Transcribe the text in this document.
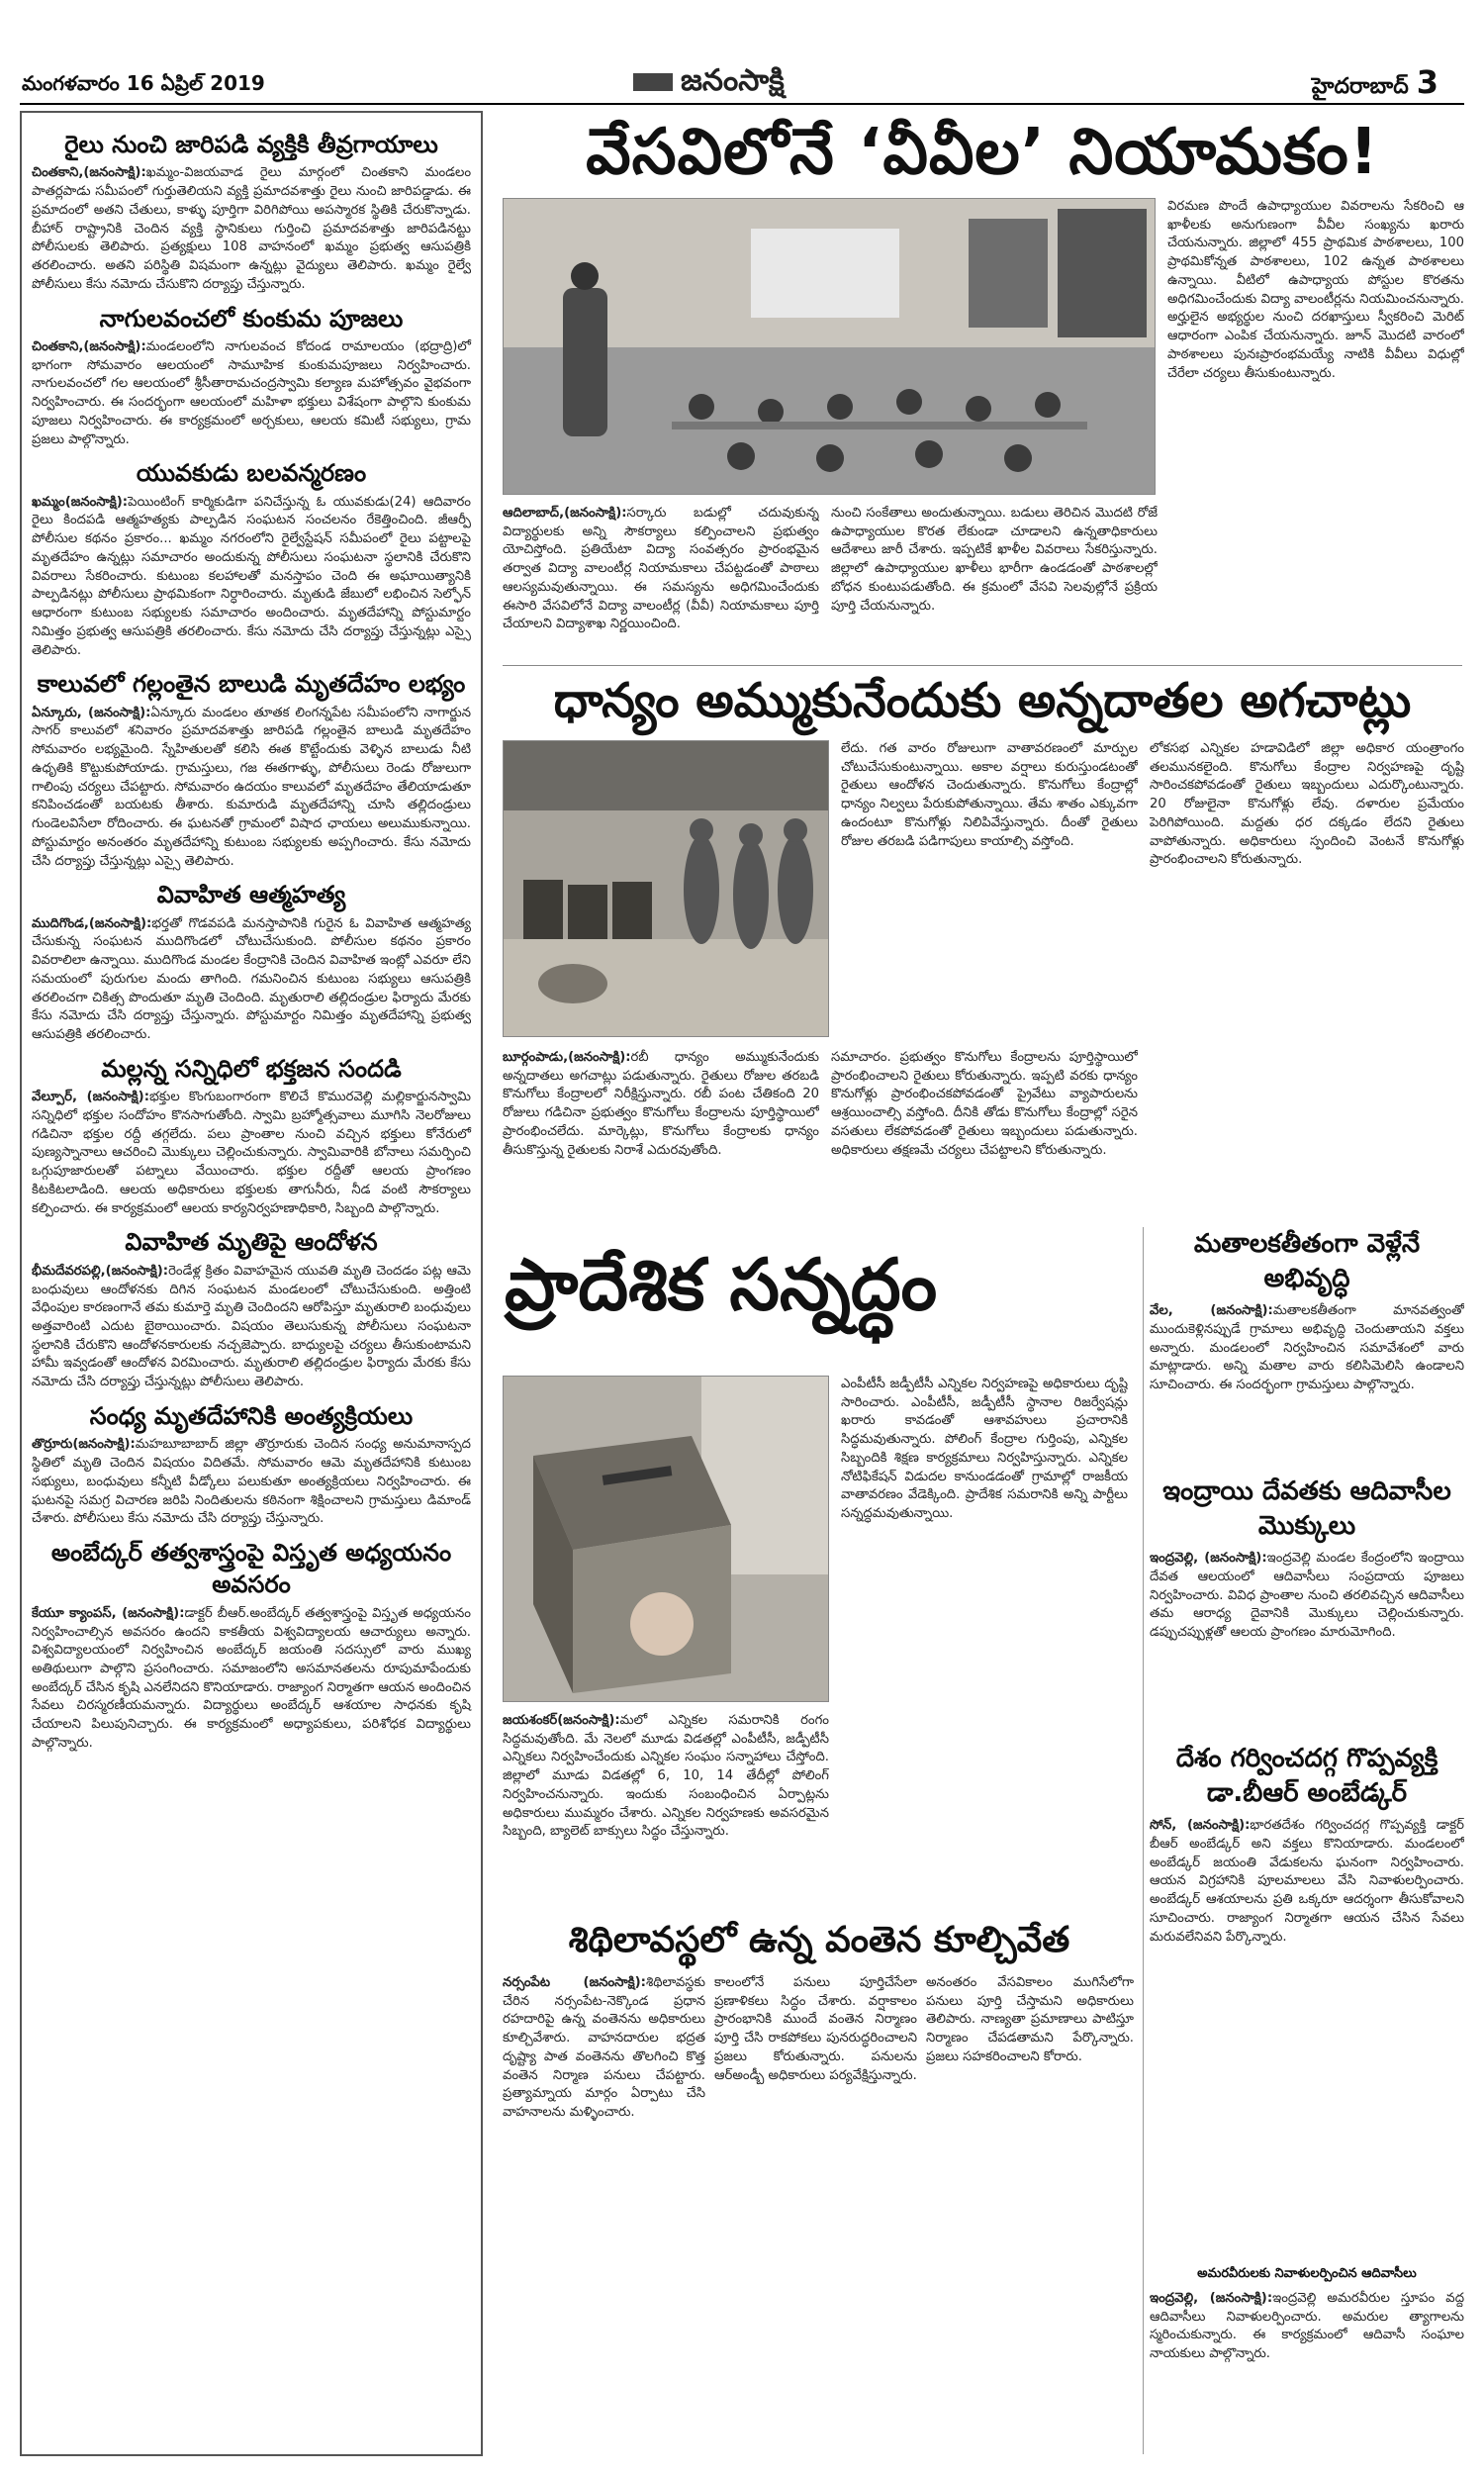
మంగళవారం 16 ఏప్రిల్ 2019	జనంసాక్షి	హైదరాబాద్ 3
రైలు నుంచి జారిపడి వ్యక్తికి తీవ్రగాయాలు
చింతకాని,(జనంసాక్షి):ఖమ్మం-విజయవాడ రైలు మార్గంలో చింతకాని మండలం పాతర్లపాడు సమీపంలో గుర్తుతెలియని వ్యక్తి ప్రమాదవశాత్తు రైలు నుంచి జారిపడ్డాడు. ఈ ప్రమాదంలో అతని చేతులు, కాళ్ళు పూర్తిగా విరిగిపోయి అపస్మారక స్థితికి చేరుకొన్నాడు. బీహార్ రాష్ట్రానికి చెందిన వ్యక్తి స్థానికులు గుర్తించి ప్రమాదవశాత్తు జారిపడినట్టు పోలీసులకు తెలిపారు. ప్రత్యక్షులు 108 వాహనంలో ఖమ్మం ప్రభుత్వ ఆసుపత్రికి తరలించారు. అతని పరిస్థితి విషమంగా ఉన్నట్లు వైద్యులు తెలిపారు. ఖమ్మం రైల్వే పోలీసులు కేసు నమోదు చేసుకొని దర్యాప్తు చేస్తున్నారు.
నాగులవంచలో కుంకుమ పూజలు
చింతకాని,(జనంసాక్షి):మండలంలోని నాగులవంచ కోదండ రామాలయం (భద్రాద్రి)లో భాగంగా సోమవారం ఆలయంలో సామూహిక కుంకుమపూజలు నిర్వహించారు. నాగులవంచలో గల ఆలయంలో శ్రీసీతారామచంద్రస్వామి కల్యాణ మహోత్సవం వైభవంగా నిర్వహించారు. ఈ సందర్భంగా ఆలయంలో మహిళా భక్తులు విశేషంగా పాల్గొని కుంకుమ పూజలు నిర్వహించారు. ఈ కార్యక్రమంలో అర్చకులు, ఆలయ కమిటీ సభ్యులు, గ్రామ ప్రజలు పాల్గొన్నారు.
యువకుడు బలవన్మరణం
ఖమ్మం(జనంసాక్షి):పెయింటింగ్ కార్మికుడిగా పనిచేస్తున్న ఓ యువకుడు(24) ఆదివారం రైలు కిందపడి ఆత్మహత్యకు పాల్పడిన సంఘటన సంచలనం రేకెత్తించింది. జీఆర్పీ పోలీసుల కథనం ప్రకారం... ఖమ్మం నగరంలోని రైల్వేస్టేషన్ సమీపంలో రైలు పట్టాలపై మృతదేహం ఉన్నట్లు సమాచారం అందుకున్న పోలీసులు సంఘటనా స్థలానికి చేరుకొని వివరాలు సేకరించారు. కుటుంబ కలహాలతో మనస్తాపం చెంది ఈ అఘాయిత్యానికి పాల్పడినట్లు పోలీసులు ప్రాథమికంగా నిర్ధారించారు. మృతుడి జేబులో లభించిన సెల్ఫోన్ ఆధారంగా కుటుంబ సభ్యులకు సమాచారం అందించారు. మృతదేహాన్ని పోస్టుమార్టం నిమిత్తం ప్రభుత్వ ఆసుపత్రికి తరలించారు. కేసు నమోదు చేసి దర్యాప్తు చేస్తున్నట్లు ఎస్సై తెలిపారు.
కాలువలో గల్లంతైన బాలుడి మృతదేహం లభ్యం
ఏన్కూరు, (జనంసాక్షి):ఏన్కూరు మండలం తూతక లింగన్నపేట సమీపంలోని నాగార్జున సాగర్ కాలువలో శనివారం ప్రమాదవశాత్తు జారిపడి గల్లంతైన బాలుడి మృతదేహం సోమవారం లభ్యమైంది. స్నేహితులతో కలిసి ఈత కొట్టేందుకు వెళ్ళిన బాలుడు నీటి ఉధృతికి కొట్టుకుపోయాడు. గ్రామస్తులు, గజ ఈతగాళ్ళు, పోలీసులు రెండు రోజులుగా గాలింపు చర్యలు చేపట్టారు. సోమవారం ఉదయం కాలువలో మృతదేహం తేలియాడుతూ కనిపించడంతో బయటకు తీశారు. కుమారుడి మృతదేహాన్ని చూసి తల్లిదండ్రులు గుండెలవిసేలా రోదించారు. ఈ ఘటనతో గ్రామంలో విషాద ఛాయలు అలుముకున్నాయి. పోస్టుమార్టం అనంతరం మృతదేహాన్ని కుటుంబ సభ్యులకు అప్పగించారు. కేసు నమోదు చేసి దర్యాప్తు చేస్తున్నట్లు ఎస్సై తెలిపారు.
వివాహిత ఆత్మహత్య
ముదిగొండ,(జనంసాక్షి):భర్తతో గొడవపడి మనస్తాపానికి గురైన ఓ వివాహిత ఆత్మహత్య చేసుకున్న సంఘటన ముదిగొండలో చోటుచేసుకుంది. పోలీసుల కథనం ప్రకారం వివరాలిలా ఉన్నాయి. ముదిగొండ మండల కేంద్రానికి చెందిన వివాహిత ఇంట్లో ఎవరూ లేని సమయంలో పురుగుల మందు తాగింది. గమనించిన కుటుంబ సభ్యులు ఆసుపత్రికి తరలించగా చికిత్స పొందుతూ మృతి చెందింది. మృతురాలి తల్లిదండ్రుల ఫిర్యాదు మేరకు కేసు నమోదు చేసి దర్యాప్తు చేస్తున్నారు. పోస్టుమార్టం నిమిత్తం మృతదేహాన్ని ప్రభుత్వ ఆసుపత్రికి తరలించారు.
మల్లన్న సన్నిధిలో భక్తజన సందడి
వేల్పూర్, (జనంసాక్షి):భక్తుల కొంగుబంగారంగా కొలిచే కొమురవెల్లి మల్లికార్జునస్వామి సన్నిధిలో భక్తుల సందోహం కొనసాగుతోంది. స్వామి బ్రహ్మోత్సవాలు మూగిసి నెలరోజులు గడిచినా భక్తుల రద్దీ తగ్గలేదు. పలు ప్రాంతాల నుంచి వచ్చిన భక్తులు కోనేరులో పుణ్యస్నానాలు ఆచరించి మొక్కులు చెల్లించుకున్నారు. స్వామివారికి బోనాలు సమర్పించి ఒగ్గుపూజారులతో పట్నాలు వేయించారు. భక్తుల రద్దీతో ఆలయ ప్రాంగణం కిటకిటలాడింది. ఆలయ అధికారులు భక్తులకు తాగునీరు, నీడ వంటి సౌకర్యాలు కల్పించారు. ఈ కార్యక్రమంలో ఆలయ కార్యనిర్వహణాధికారి, సిబ్బంది పాల్గొన్నారు.
వివాహిత మృతిపై ఆందోళన
భీమదేవరపల్లి,(జనంసాక్షి):రెండేళ్ల క్రితం వివాహమైన యువతి మృతి చెందడం పట్ల ఆమె బంధువులు ఆందోళనకు దిగిన సంఘటన మండలంలో చోటుచేసుకుంది. అత్తింటి వేధింపుల కారణంగానే తమ కుమార్తె మృతి చెందిందని ఆరోపిస్తూ మృతురాలి బంధువులు అత్తవారింటి ఎదుట బైఠాయించారు. విషయం తెలుసుకున్న పోలీసులు సంఘటనా స్థలానికి చేరుకొని ఆందోళనకారులకు నచ్చజెప్పారు. బాధ్యులపై చర్యలు తీసుకుంటామని హామీ ఇవ్వడంతో ఆందోళన విరమించారు. మృతురాలి తల్లిదండ్రుల ఫిర్యాదు మేరకు కేసు నమోదు చేసి దర్యాప్తు చేస్తున్నట్లు పోలీసులు తెలిపారు.
సంధ్య మృతదేహానికి అంత్యక్రియలు
తొర్రూరు(జనంసాక్షి):మహబూబాబాద్ జిల్లా తొర్రూరుకు చెందిన సంధ్య అనుమానాస్పద స్థితిలో మృతి చెందిన విషయం విదితమే. సోమవారం ఆమె మృతదేహానికి కుటుంబ సభ్యులు, బంధువులు కన్నీటి వీడ్కోలు పలుకుతూ అంత్యక్రియలు నిర్వహించారు. ఈ ఘటనపై సమగ్ర విచారణ జరిపి నిందితులను కఠినంగా శిక్షించాలని గ్రామస్తులు డిమాండ్ చేశారు. పోలీసులు కేసు నమోదు చేసి దర్యాప్తు చేస్తున్నారు.
అంబేద్కర్ తత్వశాస్త్రంపై విస్తృత అధ్యయనం అవసరం
కేయూ క్యాంపస్, (జనంసాక్షి):డాక్టర్ బీఆర్.అంబేద్కర్ తత్వశాస్త్రంపై విస్తృత అధ్యయనం నిర్వహించాల్సిన అవసరం ఉందని కాకతీయ విశ్వవిద్యాలయ ఆచార్యులు అన్నారు. విశ్వవిద్యాలయంలో నిర్వహించిన అంబేద్కర్ జయంతి సదస్సులో వారు ముఖ్య అతిథులుగా పాల్గొని ప్రసంగించారు. సమాజంలోని అసమానతలను రూపుమాపేందుకు అంబేద్కర్ చేసిన కృషి ఎనలేనిదని కొనియాడారు. రాజ్యాంగ నిర్మాతగా ఆయన అందించిన సేవలు చిరస్మరణీయమన్నారు. విద్యార్థులు అంబేద్కర్ ఆశయాల సాధనకు కృషి చేయాలని పిలుపునిచ్చారు. ఈ కార్యక్రమంలో అధ్యాపకులు, పరిశోధక విద్యార్థులు పాల్గొన్నారు.
వేసవిలోనే ‘వీవీల’ నియామకం!
విరమణ పొందే ఉపాధ్యాయుల వివరాలను సేకరించి ఆ ఖాళీలకు అనుగుణంగా వీవీల సంఖ్యను ఖరారు చేయనున్నారు. జిల్లాలో 455 ప్రాథమిక పాఠశాలలు, 100 ప్రాథమికోన్నత పాఠశాలలు, 102 ఉన్నత పాఠశాలలు ఉన్నాయి. వీటిలో ఉపాధ్యాయ పోస్టుల కొరతను అధిగమించేందుకు విద్యా వాలంటీర్లను నియమించనున్నారు. అర్హులైన అభ్యర్థుల నుంచి దరఖాస్తులు స్వీకరించి మెరిట్ ఆధారంగా ఎంపిక చేయనున్నారు. జూన్ మొదటి వారంలో పాఠశాలలు పునఃప్రారంభమయ్యే నాటికి వీవీలు విధుల్లో చేరేలా చర్యలు తీసుకుంటున్నారు.
ఆదిలాబాద్,(జనంసాక్షి):సర్కారు బడుల్లో చదువుకున్న విద్యార్థులకు అన్ని సౌకర్యాలు కల్పించాలని ప్రభుత్వం యోచిస్తోంది. ప్రతియేటా విద్యా సంవత్సరం ప్రారంభమైన తర్వాత విద్యా వాలంటీర్ల నియామకాలు చేపట్టడంతో పాఠాలు ఆలస్యమవుతున్నాయి. ఈ సమస్యను అధిగమించేందుకు ఈసారి వేసవిలోనే విద్యా వాలంటీర్ల (వీవీ) నియామకాలు పూర్తి చేయాలని విద్యాశాఖ నిర్ణయించింది.
నుంచి సంకేతాలు అందుతున్నాయి. బడులు తెరిచిన మొదటి రోజే ఉపాధ్యాయుల కొరత లేకుండా చూడాలని ఉన్నతాధికారులు ఆదేశాలు జారీ చేశారు. ఇప్పటికే ఖాళీల వివరాలు సేకరిస్తున్నారు. జిల్లాలో ఉపాధ్యాయుల ఖాళీలు భారీగా ఉండడంతో పాఠశాలల్లో బోధన కుంటుపడుతోంది. ఈ క్రమంలో వేసవి సెలవుల్లోనే ప్రక్రియ పూర్తి చేయనున్నారు.
ధాన్యం అమ్ముకునేందుకు అన్నదాతల అగచాట్లు
లేదు. గత వారం రోజులుగా వాతావరణంలో మార్పుల చోటుచేసుకుంటున్నాయి. అకాల వర్షాలు కురుస్తుండటంతో రైతులు ఆందోళన చెందుతున్నారు. కొనుగోలు కేంద్రాల్లో ధాన్యం నిల్వలు పేరుకుపోతున్నాయి. తేమ శాతం ఎక్కువగా ఉందంటూ కొనుగోళ్లు నిలిపివేస్తున్నారు. దీంతో రైతులు రోజుల తరబడి పడిగాపులు కాయాల్సి వస్తోంది.
లోకసభ ఎన్నికల హడావిడిలో జిల్లా అధికార యంత్రాంగం తలమునకలైంది. కొనుగోలు కేంద్రాల నిర్వహణపై దృష్టి సారించకపోవడంతో రైతులు ఇబ్బందులు ఎదుర్కొంటున్నారు. 20 రోజులైనా కొనుగోళ్లు లేవు. దళారుల ప్రమేయం పెరిగిపోయింది. మద్దతు ధర దక్కడం లేదని రైతులు వాపోతున్నారు. అధికారులు స్పందించి వెంటనే కొనుగోళ్లు ప్రారంభించాలని కోరుతున్నారు.
బూర్గంపాడు,(జనంసాక్షి):రబీ ధాన్యం అమ్ముకునేందుకు అన్నదాతలు అగచాట్లు పడుతున్నారు. రైతులు రోజుల తరబడి కొనుగోలు కేంద్రాలలో నిరీక్షిస్తున్నారు. రబీ పంట చేతికంది 20 రోజులు గడిచినా ప్రభుత్వం కొనుగోలు కేంద్రాలను పూర్తిస్థాయిలో ప్రారంభించలేదు. మార్కెట్లు, కొనుగోలు కేంద్రాలకు ధాన్యం తీసుకొస్తున్న రైతులకు నిరాశే ఎదురవుతోంది.
సమాచారం. ప్రభుత్వం కొనుగోలు కేంద్రాలను పూర్తిస్థాయిలో ప్రారంభించాలని రైతులు కోరుతున్నారు. ఇప్పటి వరకు ధాన్యం కొనుగోళ్లు ప్రారంభించకపోవడంతో ప్రైవేటు వ్యాపారులను ఆశ్రయించాల్సి వస్తోంది. దీనికి తోడు కొనుగోలు కేంద్రాల్లో సరైన వసతులు లేకపోవడంతో రైతులు ఇబ్బందులు పడుతున్నారు. అధికారులు తక్షణమే చర్యలు చేపట్టాలని కోరుతున్నారు.
ప్రాదేశిక సన్నద్ధం
జయశంకర్(జనంసాక్షి):మలో ఎన్నికల సమరానికి రంగం సిద్ధమవుతోంది. మే నెలలో మూడు విడతల్లో ఎంపీటీసీ, జడ్పీటీసీ ఎన్నికలు నిర్వహించేందుకు ఎన్నికల సంఘం సన్నాహాలు చేస్తోంది. జిల్లాలో మూడు విడతల్లో 6, 10, 14 తేదీల్లో పోలింగ్ నిర్వహించనున్నారు. ఇందుకు సంబంధించిన ఏర్పాట్లను అధికారులు ముమ్మరం చేశారు. ఎన్నికల నిర్వహణకు అవసరమైన సిబ్బంది, బ్యాలెట్ బాక్సులు సిద్ధం చేస్తున్నారు.
ఎంపీటీసీ జడ్పీటీసీ ఎన్నికల నిర్వహణపై అధికారులు దృష్టి సారించారు. ఎంపీటీసీ, జడ్పీటీసీ స్థానాల రిజర్వేషన్లు ఖరారు కావడంతో ఆశావహులు ప్రచారానికి సిద్ధమవుతున్నారు. పోలింగ్ కేంద్రాల గుర్తింపు, ఎన్నికల సిబ్బందికి శిక్షణ కార్యక్రమాలు నిర్వహిస్తున్నారు. ఎన్నికల నోటిఫికేషన్ విడుదల కానుండడంతో గ్రామాల్లో రాజకీయ వాతావరణం వేడెక్కింది. ప్రాదేశిక సమరానికి అన్ని పార్టీలు సన్నద్ధమవుతున్నాయి.
శిథిలావస్థలో ఉన్న వంతెన కూల్చివేత
నర్సంపేట (జనంసాక్షి):శిథిలావస్థకు చేరిన నర్సంపేట-నెక్కొండ ప్రధాన రహదారిపై ఉన్న వంతెనను అధికారులు కూల్చివేశారు. వాహనదారుల భద్రత దృష్ట్యా పాత వంతెనను తొలగించి కొత్త వంతెన నిర్మాణ పనులు చేపట్టారు. ప్రత్యామ్నాయ మార్గం ఏర్పాటు చేసి వాహనాలను మళ్ళించారు.
కాలంలోనే పనులు పూర్తిచేసేలా ప్రణాళికలు సిద్ధం చేశారు. వర్షాకాలం ప్రారంభానికి ముందే వంతెన నిర్మాణం పూర్తి చేసి రాకపోకలు పునరుద్ధరించాలని ప్రజలు కోరుతున్నారు. పనులను ఆర్అండ్బీ అధికారులు పర్యవేక్షిస్తున్నారు.
అనంతరం వేసవికాలం ముగిసేలోగా పనులు పూర్తి చేస్తామని అధికారులు తెలిపారు. నాణ్యతా ప్రమాణాలు పాటిస్తూ నిర్మాణం చేపడతామని పేర్కొన్నారు. ప్రజలు సహకరించాలని కోరారు.
మతాలకతీతంగా వెళ్లేనే అభివృద్ధి
వేల, (జనంసాక్షి):మతాలకతీతంగా మానవత్వంతో ముందుకెళ్లినప్పుడే గ్రామాలు అభివృద్ధి చెందుతాయని వక్తలు అన్నారు. మండలంలో నిర్వహించిన సమావేశంలో వారు మాట్లాడారు. అన్ని మతాల వారు కలిసిమెలిసి ఉండాలని సూచించారు. ఈ సందర్భంగా గ్రామస్తులు పాల్గొన్నారు.
ఇంద్రాయి దేవతకు ఆదివాసీల మొక్కులు
ఇంద్రవెల్లి, (జనంసాక్షి):ఇంద్రవెల్లి మండల కేంద్రంలోని ఇంద్రాయి దేవత ఆలయంలో ఆదివాసీలు సంప్రదాయ పూజలు నిర్వహించారు. వివిధ ప్రాంతాల నుంచి తరలివచ్చిన ఆదివాసీలు తమ ఆరాధ్య దైవానికి మొక్కులు చెల్లించుకున్నారు. డప్పుచప్పుళ్లతో ఆలయ ప్రాంగణం మారుమోగింది.
దేశం గర్వించదగ్గ గొప్పవ్యక్తి డా.బీఆర్ అంబేడ్కర్
సోన్, (జనంసాక్షి):భారతదేశం గర్వించదగ్గ గొప్పవ్యక్తి డాక్టర్ బీఆర్ అంబేడ్కర్ అని వక్తలు కొనియాడారు. మండలంలో అంబేడ్కర్ జయంతి వేడుకలను ఘనంగా నిర్వహించారు. ఆయన విగ్రహానికి పూలమాలలు వేసి నివాళులర్పించారు. అంబేడ్కర్ ఆశయాలను ప్రతి ఒక్కరూ ఆదర్శంగా తీసుకోవాలని సూచించారు. రాజ్యాంగ నిర్మాతగా ఆయన చేసిన సేవలు మరువలేనివని పేర్కొన్నారు.
అమరవీరులకు నివాళులర్పించిన ఆదివాసీలు
ఇంద్రవెల్లి, (జనంసాక్షి):ఇంద్రవెల్లి అమరవీరుల స్తూపం వద్ద ఆదివాసీలు నివాళులర్పించారు. అమరుల త్యాగాలను స్మరించుకున్నారు. ఈ కార్యక్రమంలో ఆదివాసీ సంఘాల నాయకులు పాల్గొన్నారు.
